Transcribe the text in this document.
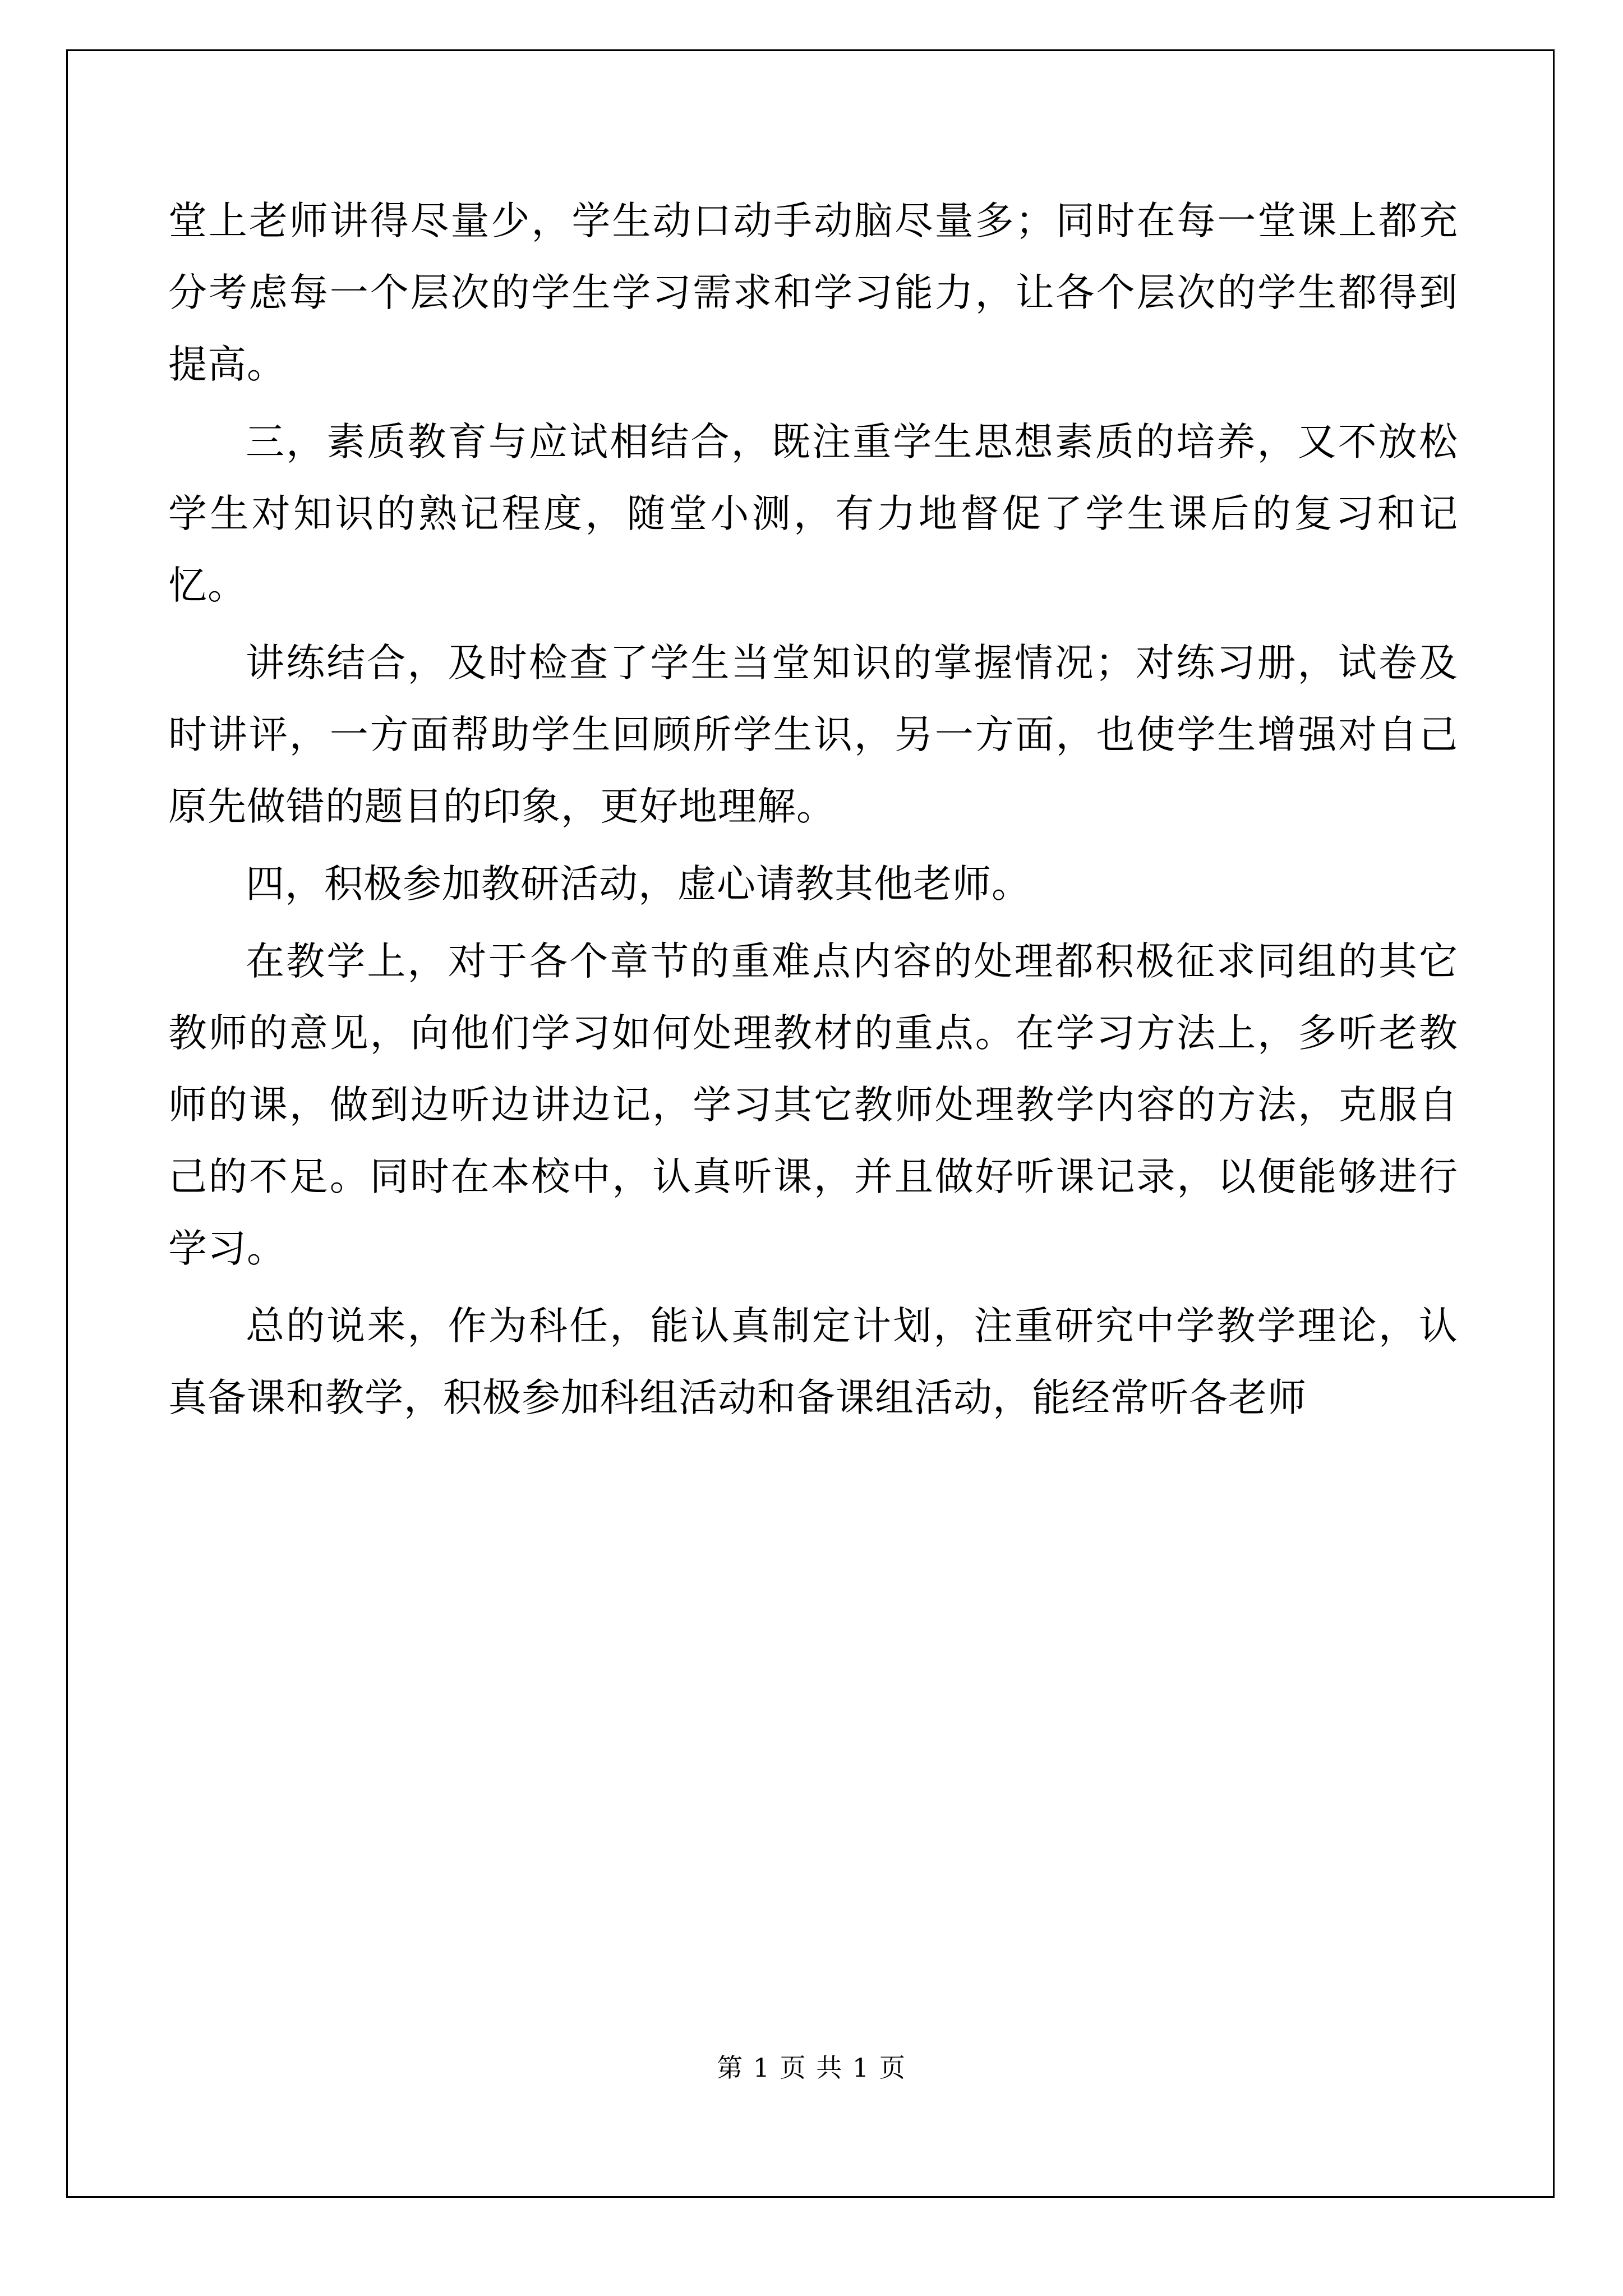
堂上老师讲得尽量少，学生动口动手动脑尽量多；同时在每一堂课上都充分考虑每一个层次的学生学习需求和学习能力，让各个层次的学生都得到提高。

三，素质教育与应试相结合，既注重学生思想素质的培养，又不放松学生对知识的熟记程度，随堂小测，有力地督促了学生课后的复习和记忆。

讲练结合，及时检查了学生当堂知识的掌握情况；对练习册，试卷及时讲评，一方面帮助学生回顾所学生识，另一方面，也使学生增强对自己原先做错的题目的印象，更好地理解。

四，积极参加教研活动，虚心请教其他老师。

在教学上，对于各个章节的重难点内容的处理都积极征求同组的其它教师的意见，向他们学习如何处理教材的重点。在学习方法上，多听老教师的课，做到边听边讲边记，学习其它教师处理教学内容的方法，克服自己的不足。同时在本校中，认真听课，并且做好听课记录，以便能够进行学习。

总的说来，作为科任，能认真制定计划，注重研究中学教学理论，认真备课和教学，积极参加科组活动和备课组活动，能经常听各老师

第 1 页 共 1 页
